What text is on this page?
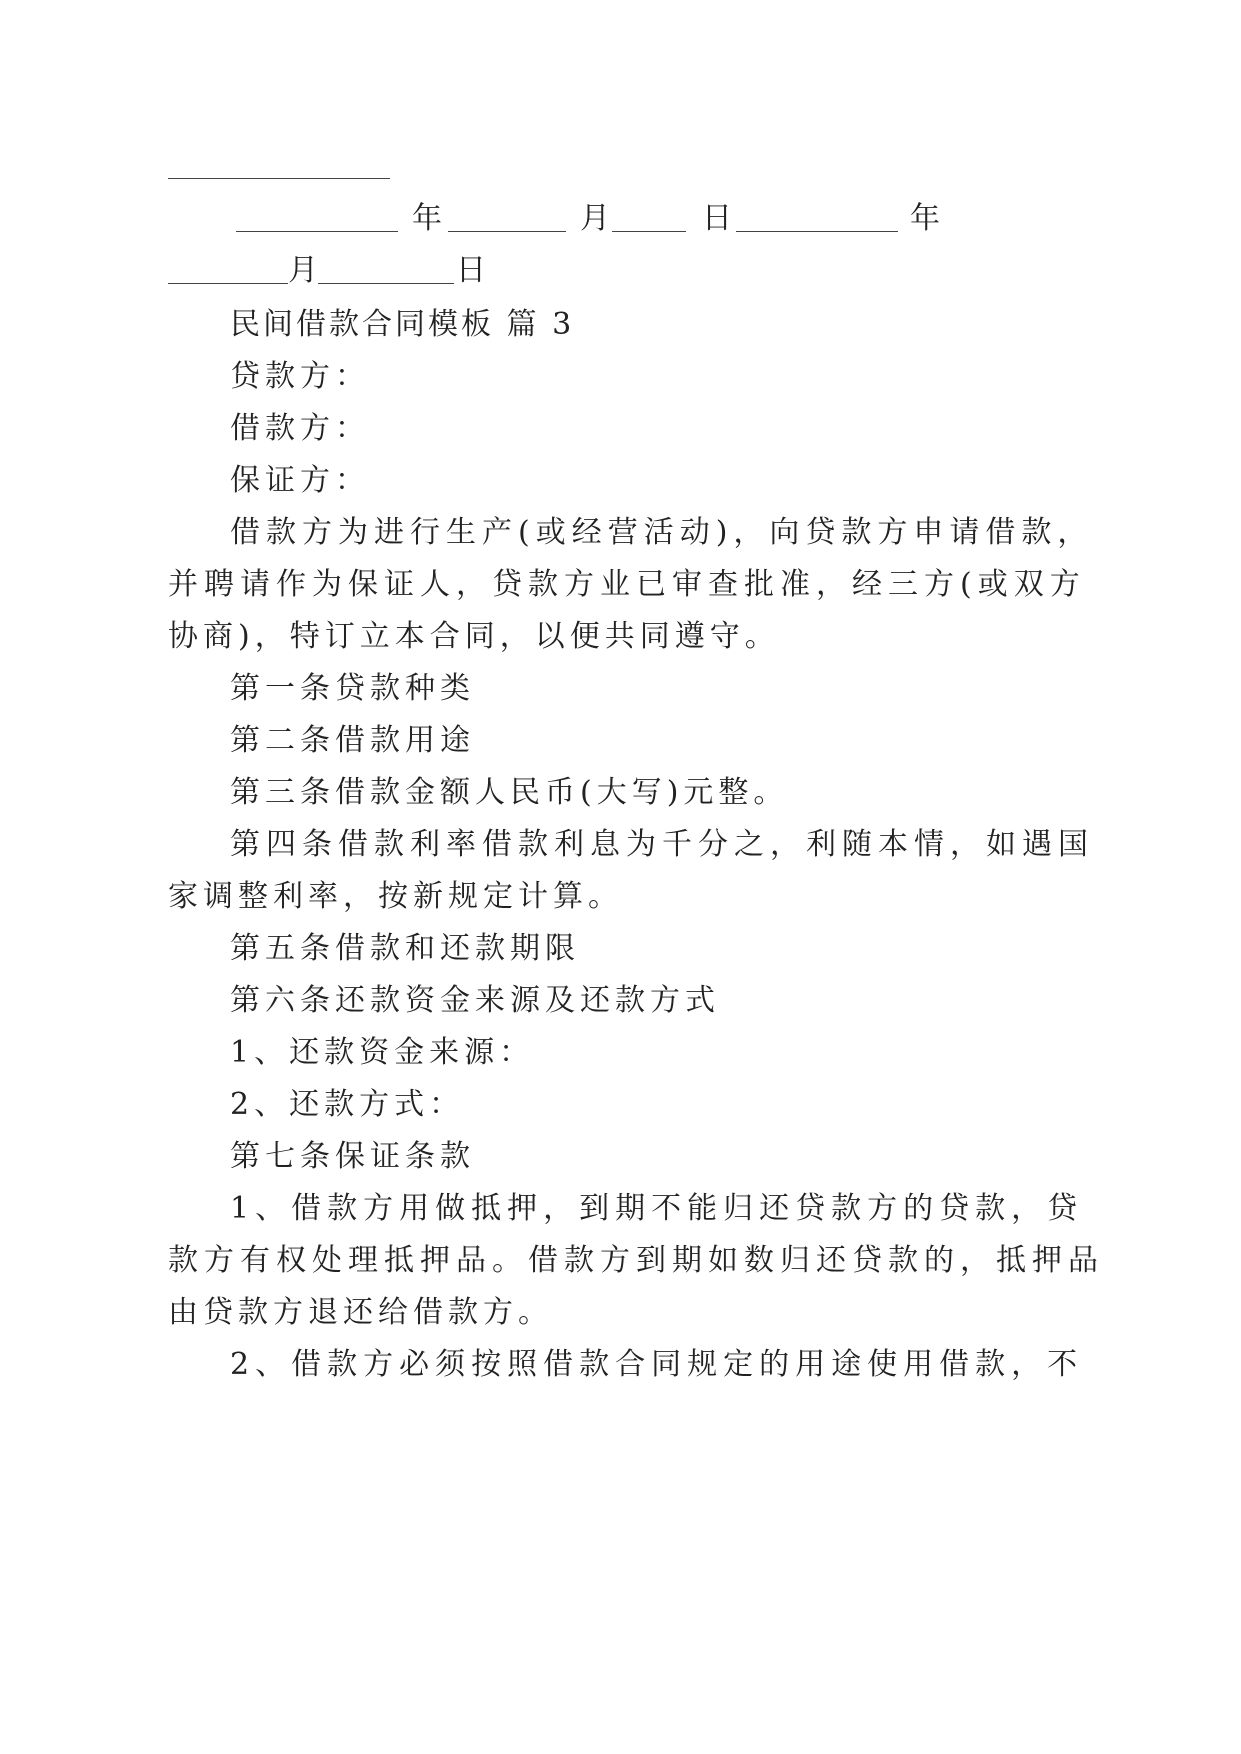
年	月	日	年
月	日
民间借款合同模板 篇 3
贷款方：
借款方：
保证方：
借款方为进行生产(或经营活动)，向贷款方申请借款，
并聘请作为保证人，贷款方业已审查批准，经三方(或双方
协商)，特订立本合同，以便共同遵守。
第一条贷款种类
第二条借款用途
第三条借款金额人民币(大写)元整。
第四条借款利率借款利息为千分之，利随本情，如遇国
家调整利率，按新规定计算。
第五条借款和还款期限
第六条还款资金来源及还款方式
1、还款资金来源：
2、还款方式：
第七条保证条款
1、借款方用做抵押，到期不能归还贷款方的贷款，贷
款方有权处理抵押品。借款方到期如数归还贷款的，抵押品
由贷款方退还给借款方。
2、借款方必须按照借款合同规定的用途使用借款，不
